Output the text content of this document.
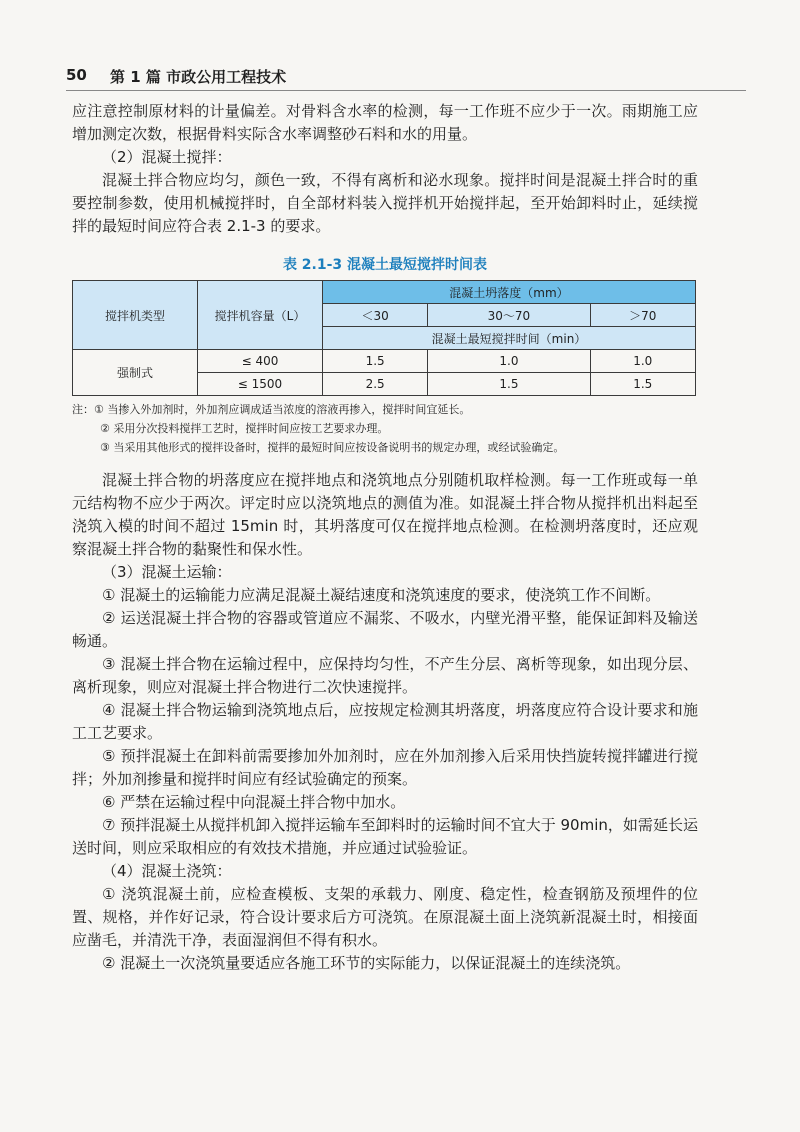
50 第 1 篇 市政公用工程技术

应注意控制原材料的计量偏差。对骨料含水率的检测，每一工作班不应少于一次。雨期施工应增加测定次数，根据骨料实际含水率调整砂石料和水的用量。

（2）混凝土搅拌：

混凝土拌合物应均匀，颜色一致，不得有离析和泌水现象。搅拌时间是混凝土拌合时的重要控制参数，使用机械搅拌时，自全部材料装入搅拌机开始搅拌起，至开始卸料时止，延续搅拌的最短时间应符合表 2.1-3 的要求。

表 2.1-3 混凝土最短搅拌时间表
搅拌机类型	搅拌机容量（L）	混凝土坍落度（mm）		
		＜30	30～70	＞70
		混凝土最短搅拌时间（min）		
强制式	≤ 400	1.5	1.0	1.0
	≤ 1500	2.5	1.5	1.5
注：① 当掺入外加剂时，外加剂应调成适当浓度的溶液再掺入，搅拌时间宜延长。
② 采用分次投料搅拌工艺时，搅拌时间应按工艺要求办理。
③ 当采用其他形式的搅拌设备时，搅拌的最短时间应按设备说明书的规定办理，或经试验确定。

混凝土拌合物的坍落度应在搅拌地点和浇筑地点分别随机取样检测。每一工作班或每一单元结构物不应少于两次。评定时应以浇筑地点的测值为准。如混凝土拌合物从搅拌机出料起至浇筑入模的时间不超过 15min 时，其坍落度可仅在搅拌地点检测。在检测坍落度时，还应观察混凝土拌合物的黏聚性和保水性。

（3）混凝土运输：

① 混凝土的运输能力应满足混凝土凝结速度和浇筑速度的要求，使浇筑工作不间断。

② 运送混凝土拌合物的容器或管道应不漏浆、不吸水，内壁光滑平整，能保证卸料及输送畅通。

③ 混凝土拌合物在运输过程中，应保持均匀性，不产生分层、离析等现象，如出现分层、离析现象，则应对混凝土拌合物进行二次快速搅拌。

④ 混凝土拌合物运输到浇筑地点后，应按规定检测其坍落度，坍落度应符合设计要求和施工工艺要求。

⑤ 预拌混凝土在卸料前需要掺加外加剂时，应在外加剂掺入后采用快挡旋转搅拌罐进行搅拌；外加剂掺量和搅拌时间应有经试验确定的预案。

⑥ 严禁在运输过程中向混凝土拌合物中加水。

⑦ 预拌混凝土从搅拌机卸入搅拌运输车至卸料时的运输时间不宜大于 90min，如需延长运送时间，则应采取相应的有效技术措施，并应通过试验验证。

（4）混凝土浇筑：

① 浇筑混凝土前，应检查模板、支架的承载力、刚度、稳定性，检查钢筋及预埋件的位置、规格，并作好记录，符合设计要求后方可浇筑。在原混凝土面上浇筑新混凝土时，相接面应凿毛，并清洗干净，表面湿润但不得有积水。

② 混凝土一次浇筑量要适应各施工环节的实际能力，以保证混凝土的连续浇筑。
